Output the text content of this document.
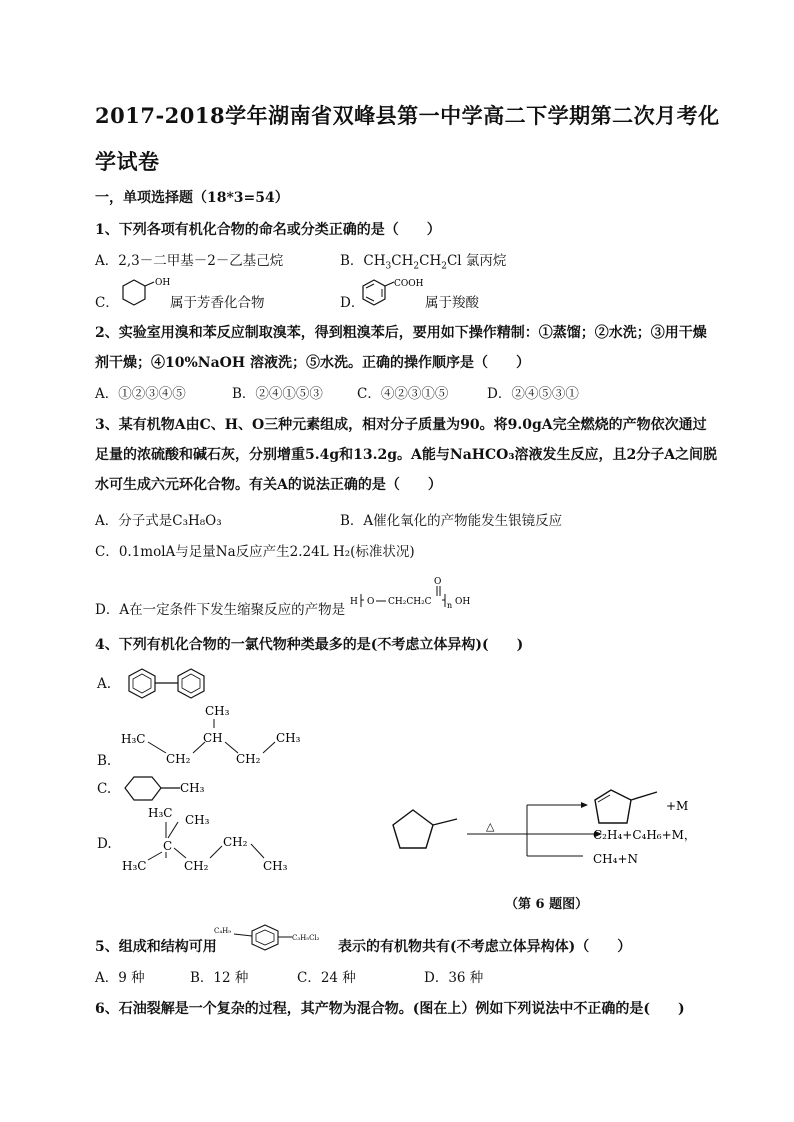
2017-2018学年湖南省双峰县第一中学高二下学期第二次月考化
学试卷
一，单项选择题（18*3=54）
1、下列各项有机化合物的命名或分类正确的是（　　）
A．2,3－二甲基－2－乙基己烷	B．$CH_3CH_2CH_2Cl$ 氯丙烷
C．
OH
属于芳香化合物	D．
COOH
属于羧酸
2、实验室用溴和苯反应制取溴苯，得到粗溴苯后，要用如下操作精制：①蒸馏；②水洗；③用干燥
剂干燥；④10%NaOH 溶液洗；⑤水洗。正确的操作顺序是（　　）
A．①②③④⑤	B．②④①⑤③	C．④②③①⑤	D．②④⑤③①
3、某有机物A由C、H、O三种元素组成，相对分子质量为90。将9.0gA完全燃烧的产物依次通过
足量的浓硫酸和碱石灰，分别增重5.4g和13.2g。A能与NaHCO₃溶液发生反应，且2分子A之间脱
水可生成六元环化合物。有关A的说法正确的是（　　）
A．分子式是C₃H₈O₃	B．A催化氧化的产物能发生银镜反应
C．0.1molA与足量Na反应产生2.24L H₂(标准状况)
D．A在一定条件下发生缩聚反应的产物是 H O CH₂CH₂C
O
n OH
4、下列有机化合物的一氯代物种类最多的是(不考虑立体异构)(　　)
A.
B.
CH₃
H₃C
CH₂
CH
CH₂
CH₃
C.	CH₃
D.
H₃C CH₃
C
H₃C	CH₂
CH₂
CH₃
△
+M
C₂H₄+C₄H₆+M，
CH₄+N
（第 6 题图）
5、组成和结构可用
C₄H₉
C₃H₅Cl₂
表示的有机物共有(不考虑立体异构体)（　　）
A．9 种	B．12 种	C．24 种	D．36 种
6、石油裂解是一个复杂的过程，其产物为混合物。(图在上）例如下列说法中不正确的是(　　)
